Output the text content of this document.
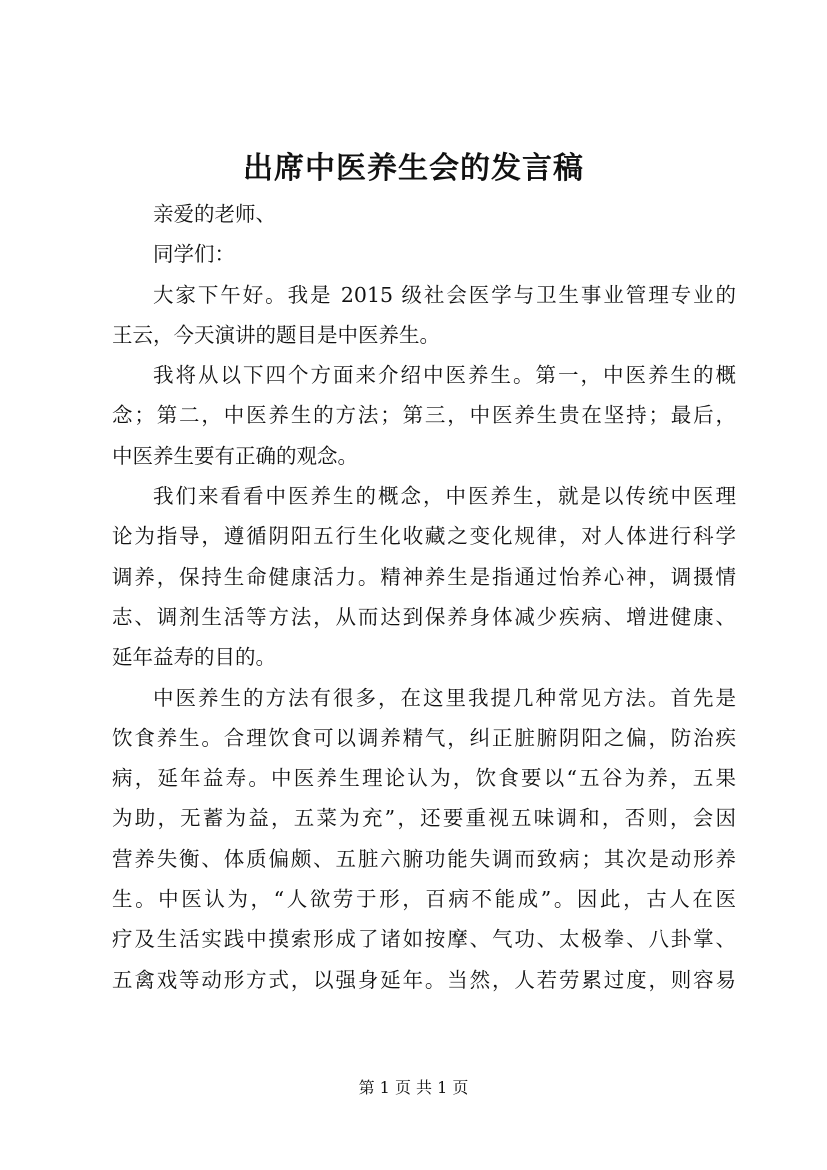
出席中医养生会的发言稿
亲爱的老师、
同学们：
大家下午好。我是 2015 级社会医学与卫生事业管理专业的
王云，今天演讲的题目是中医养生。
我将从以下四个方面来介绍中医养生。第一，中医养生的概
念；第二，中医养生的方法；第三，中医养生贵在坚持；最后，
中医养生要有正确的观念。
我们来看看中医养生的概念，中医养生，就是以传统中医理
论为指导，遵循阴阳五行生化收藏之变化规律，对人体进行科学
调养，保持生命健康活力。精神养生是指通过怡养心神，调摄情
志、调剂生活等方法，从而达到保养身体减少疾病、增进健康、
延年益寿的目的。
中医养生的方法有很多，在这里我提几种常见方法。首先是
饮食养生。合理饮食可以调养精气，纠正脏腑阴阳之偏，防治疾
病，延年益寿。中医养生理论认为，饮食要以“五谷为养，五果
为助，无蓄为益，五菜为充”，还要重视五味调和，否则，会因
营养失衡、体质偏颇、五脏六腑功能失调而致病；其次是动形养
生。中医认为，“人欲劳于形，百病不能成”。因此，古人在医
疗及生活实践中摸索形成了诸如按摩、气功、太极拳、八卦掌、
五禽戏等动形方式，以强身延年。当然，人若劳累过度，则容易
第 1 页 共 1 页
